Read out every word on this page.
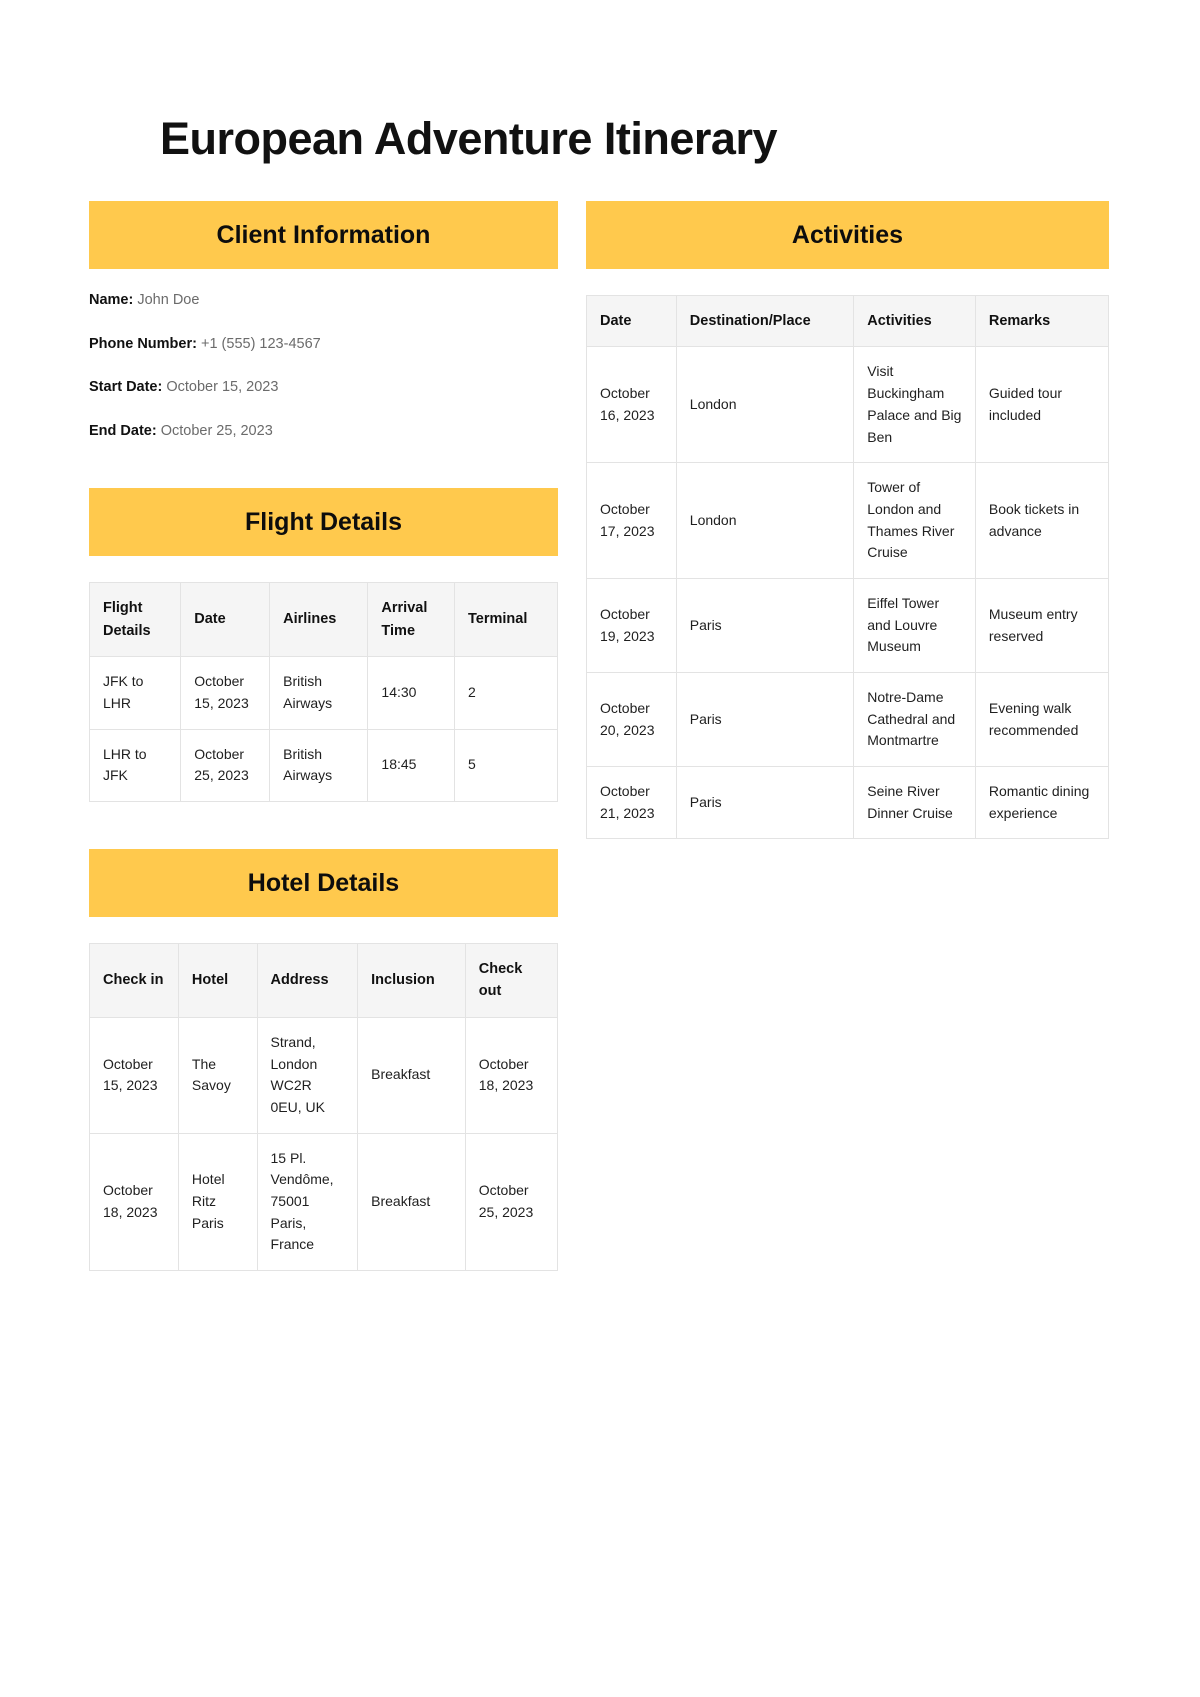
European Adventure Itinerary
Client Information
Name: John Doe
Phone Number: +1 (555) 123-4567
Start Date: October 15, 2023
End Date: October 25, 2023
Flight Details
Flight Details	Date	Airlines	Arrival Time	Terminal
JFK to LHR	October 15, 2023	British Airways	14:30	2
LHR to JFK	October 25, 2023	British Airways	18:45	5
Hotel Details
Check in	Hotel	Address	Inclusion	Check out
October 15, 2023	The Savoy	Strand, London WC2R 0EU, UK	Breakfast	October 18, 2023
October 18, 2023	Hotel Ritz Paris	15 Pl. Vendôme, 75001 Paris, France	Breakfast	October 25, 2023
Activities
Date	Destination/Place	Activities	Remarks
October 16, 2023	London	Visit Buckingham Palace and Big Ben	Guided tour included
October 17, 2023	London	Tower of London and Thames River Cruise	Book tickets in advance
October 19, 2023	Paris	Eiffel Tower and Louvre Museum	Museum entry reserved
October 20, 2023	Paris	Notre-Dame Cathedral and Montmartre	Evening walk recommended
October 21, 2023	Paris	Seine River Dinner Cruise	Romantic dining experience
